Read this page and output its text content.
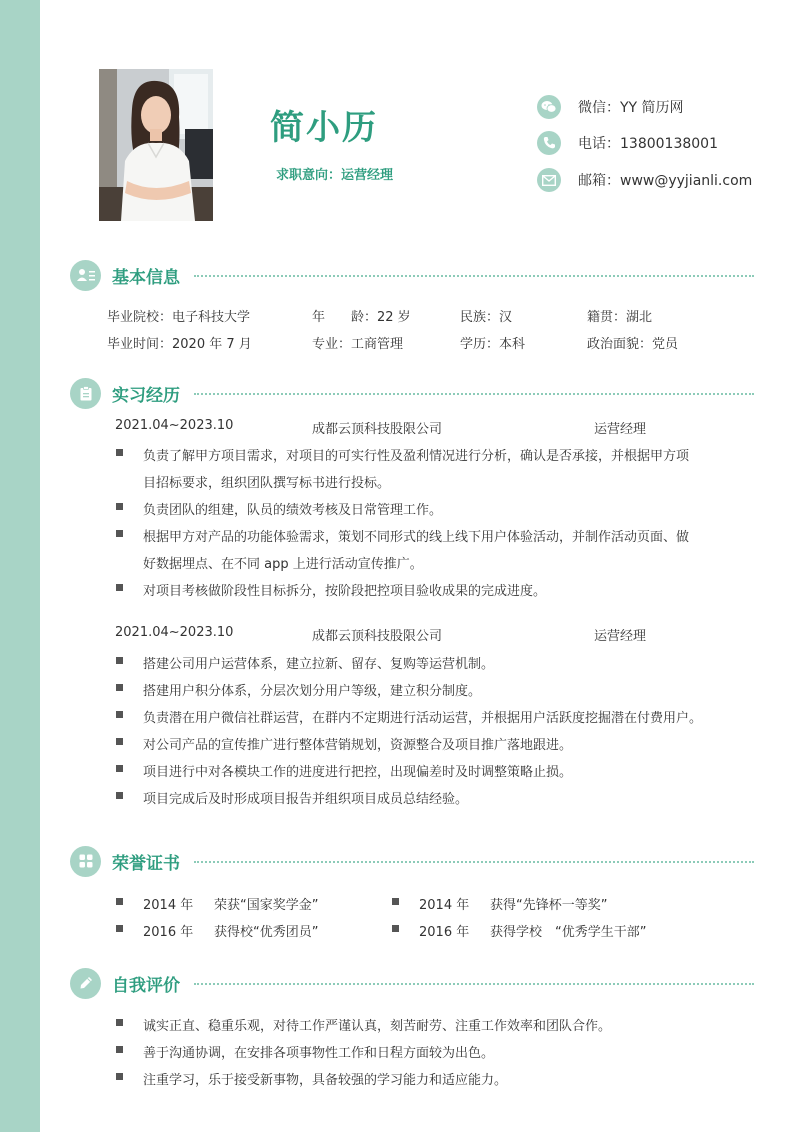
简小历
求职意向：运营经理
微信：YY 简历网
电话：13800138001
邮箱：www@yyjianli.com
基本信息
毕业院校：电子科技大学	年　　龄：22 岁	民族：汉	籍贯：湖北
毕业时间：2020 年 7 月	专业：工商管理	学历：本科	政治面貌：党员
实习经历
2021.04~2023.10	成都云顶科技股限公司	运营经理
负责了解甲方项目需求，对项目的可实行性及盈利情况进行分析，确认是否承接，并根据甲方项
目招标要求，组织团队撰写标书进行投标。
负责团队的组建，队员的绩效考核及日常管理工作。
根据甲方对产品的功能体验需求，策划不同形式的线上线下用户体验活动，并制作活动页面、做
好数据埋点、在不同 app 上进行活动宣传推广。
对项目考核做阶段性目标拆分，按阶段把控项目验收成果的完成进度。
2021.04~2023.10	成都云顶科技股限公司	运营经理
搭建公司用户运营体系，建立拉新、留存、复购等运营机制。
搭建用户积分体系，分层次划分用户等级，建立积分制度。
负责潜在用户微信社群运营，在群内不定期进行活动运营，并根据用户活跃度挖掘潜在付费用户。
对公司产品的宣传推广进行整体营销规划，资源整合及项目推广落地跟进。
项目进行中对各模块工作的进度进行把控，出现偏差时及时调整策略止损。
项目完成后及时形成项目报告并组织项目成员总结经验。
荣誉证书
2014 年 荣获“国家奖学金”	2014 年 获得“先锋杯一等奖”
2016 年 获得校“优秀团员”	2016 年 获得学校　“优秀学生干部”
自我评价
诚实正直、稳重乐观，对待工作严谨认真，刻苦耐劳、注重工作效率和团队合作。
善于沟通协调，在安排各项事物性工作和日程方面较为出色。
注重学习，乐于接受新事物，具备较强的学习能力和适应能力。
